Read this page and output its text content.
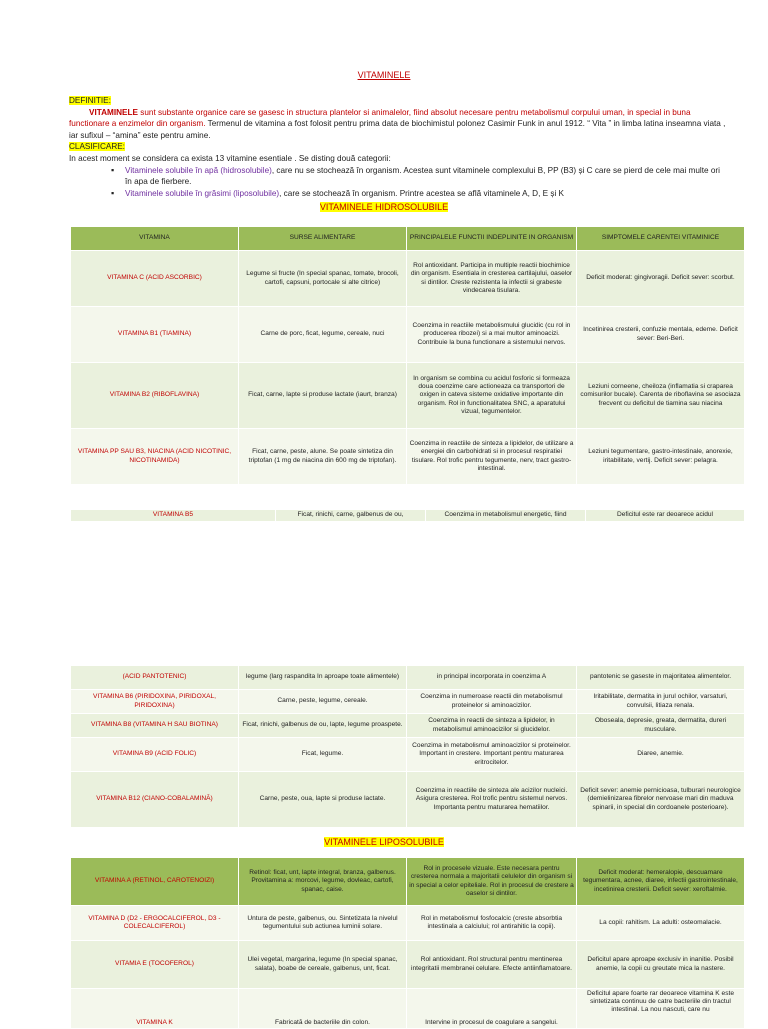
VITAMINELE

DEFINITIE:

VITAMINELE sunt substante organice care se gasesc in structura plantelor si animalelor, fiind absolut necesare pentru metabolismul corpului uman, in special in buna functionare a enzimelor din organism. Termenul de vitamina a fost folosit pentru prima data de biochimistul polonez Casimir Funk in anul 1912. “ Vita ” in limba latina inseamna viata , iar sufixul – “amina” este pentru amine.

CLASIFICARE:

In acest moment se considera ca exista 13 vitamine esentiale . Se disting două categorii:

▪ Vitaminele solubile în apă (hidrosolubile), care nu se stochează în organism. Acestea sunt vitaminele complexului B, PP (B3) și C care se pierd de cele mai multe ori în apa de fierbere.
▪ Vitaminele solubile în grăsimi (liposolubile), care se stochează în organism. Printre acestea se află vitaminele A, D, E și K
VITAMINELE HIDROSOLUBILE
VITAMINA	SURSE ALIMENTARE	PRINCIPALELE FUNCTII INDEPLINITE IN ORGANISM	SIMPTOMELE CARENTEI VITAMINICE
VITAMINA C (ACID ASCORBIC)	Legume si fructe (In special spanac, tomate, brocoli, cartofi, capsuni, portocale si alte citrice)	Rol antioxidant. Participa in multiple reactii biochimice din organism. Esentiala in cresterea cartilajului, oaselor si dintilor. Creste rezistenta la infectii si grabeste vindecarea tisulara.	Deficit moderat: gingivoragii. Deficit sever: scorbut.
VITAMINA B1 (TIAMINA)	Carne de porc, ficat, legume, cereale, nuci	Coenzima in reactiile metabolismului glucidic (cu rol in producerea ribozei) si a mai multor aminoacizi. Contribuie la buna functionare a sistemului nervos.	Incetinirea cresterii, confuzie mentala, edeme. Deficit sever: Beri-Beri.
VITAMINA B2 (RIBOFLAVINA)	Ficat, carne, lapte si produse lactate (iaurt, branza)	In organism se combina cu acidul fosforic si formeaza doua coenzime care actioneaza ca transportori de oxigen in cateva sisteme oxidative importante din organism. Rol in functionalitatea SNC, a aparatului vizual, tegumentelor.	Leziuni corneene, cheiloza (inflamatia si craparea comisurilor bucale). Carenta de riboflavina se asociaza frecvent cu deficitul de tiamina sau niacina
VITAMINA PP SAU B3, NIACINA (ACID NICOTINIC, NICOTINAMIDA)	Ficat, carne, peste, alune. Se poate sintetiza din triptofan (1 mg de niacina din 600 mg de triptofan).	Coenzima in reactiile de sinteza a lipidelor, de utilizare a energiei din carbohidrati si in procesul respiratiei tisulare. Rol trofic pentru tegumente, nerv, tract gastro-intestinal.	Leziuni tegumentare, gastro-intestinale, anorexie, iritabilitate, vertij. Deficit sever: pelagra.
VITAMINA B5	Ficat, rinichi, carne, galbenus de ou,	Coenzima in metabolismul energetic, fiind	Deficitul este rar deoarece acidul
(ACID PANTOTENIC)	legume (larg raspandita In aproape toate alimentele)	in principal incorporata in coenzima A	pantotenic se gaseste in majoritatea alimentelor.
VITAMINA B6 (PIRIDOXINA, PIRIDOXAL, PIRIDOXINA)	Carne, peste, legume, cereale.	Coenzima in numeroase reactii din metabolismul proteinelor si aminoacizilor.	Iritabilitate, dermatita in jurul ochilor, varsaturi, convulsii, litiaza renala.
VITAMINA B8 (VITAMINA H SAU BIOTINA)	Ficat, rinichi, galbenus de ou, lapte, legume proaspete.	Coenzima in reactii de sinteza a lipidelor, in metabolismul aminoacizilor si glucidelor.	Oboseala, depresie, greata, dermatita, dureri musculare.
VITAMINA B9 (ACID FOLIC)	Ficat, legume.	Coenzima in metabolismul aminoacizilor si proteinelor. Important in crestere. Important pentru maturarea eritrocitelor.	Diaree, anemie.
VITAMINA B12 (CIANO-COBALAMINĂ)	Carne, peste, oua, lapte si produse lactate.	Coenzima in reactiile de sinteza ale acizilor nucleici. Asigura cresterea. Rol trofic pentru sistemul nervos. Importanta pentru maturarea hematiilor.	Deficit sever: anemie pernicioasa, tulburari neurologice (demielinizarea fibrelor nervoase mari din maduva spinarii, in special din cordoanele posterioare).
VITAMINELE LIPOSOLUBILE
VITAMINA A (RETINOL, CAROTENOIZI)	Retinol: ficat, unt, lapte integral, branza, galbenus. Provitamina a: morcovi, legume, dovleac, cartofi, spanac, caise.	Rol in procesele vizuale. Este necesara pentru cresterea normala a majoritatii celulelor din organism si in special a celor epiteliale. Rol in procesul de crestere a oaselor si dintilor.	Deficit moderat: hemeralopie, descuamare tegumentara, acnee, diaree, infectii gastrointestinale, incetinirea cresterii. Deficit sever: xeroftalmie.
VITAMINA D (D2 - ERGOCALCIFEROL, D3 - COLECALCIFEROL)	Untura de peste, galbenus, ou. Sintetizata la nivelul tegumentului sub actiunea luminii solare.	Rol in metabolismul fosfocalcic (creste absorbtia intestinala a calciului; rol antirahitic la copii).	La copii: rahitism. La adulti: osteomalacie.
VITAMIA E (TOCOFEROL)	Ulei vegetal, margarina, legume (In special spanac, salata), boabe de cereale, galbenus, unt, ficat.	Rol antioxidant. Rol structural pentru mentinerea integritatii membranei celulare. Efecte antiinflamatoare.	Deficitul apare aproape exclusiv in inanitie. Posibil anemie, la copii cu greutate mica la nastere.
VITAMINA K	Fabricată de bacteriile din colon.	Intervine in procesul de coagulare a sangelui.	Deficitul apare foarte rar deoarece vitamina K este sintetizata continuu de catre bacteriile din tractul intestinal. La nou nascuti, care nu
